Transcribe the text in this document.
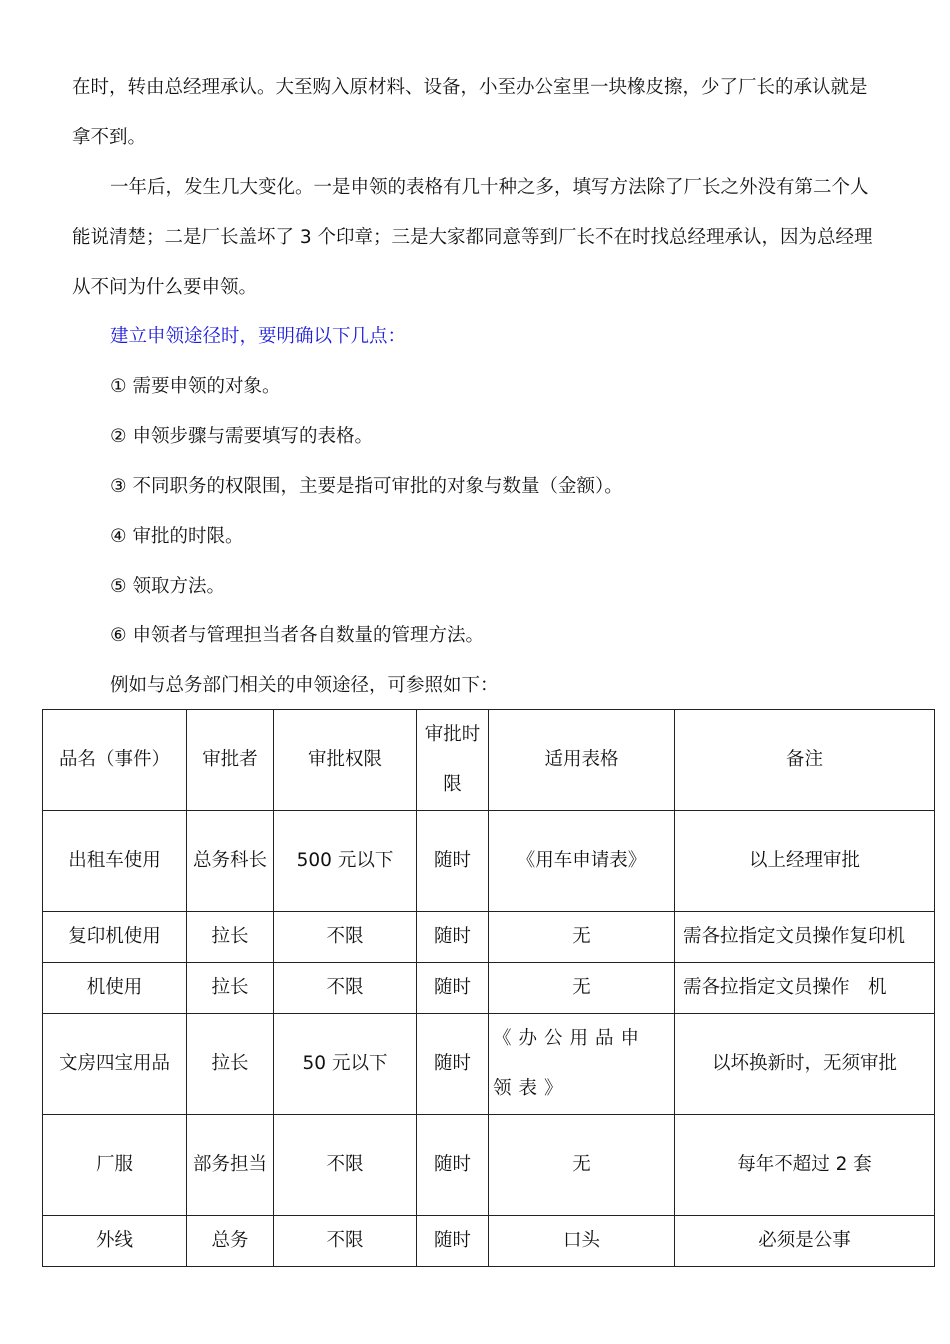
在时，转由总经理承认。大至购入原材料、设备，小至办公室里一块橡皮擦，少了厂长的承认就是
拿不到。
一年后，发生几大变化。一是申领的表格有几十种之多，填写方法除了厂长之外没有第二个人
能说清楚；二是厂长盖坏了 3 个印章；三是大家都同意等到厂长不在时找总经理承认，因为总经理
从不问为什么要申领。
建立申领途径时，要明确以下几点：
① 需要申领的对象。
② 申领步骤与需要填写的表格。
③ 不同职务的权限围，主要是指可审批的对象与数量（金额）。
④ 审批的时限。
⑤ 领取方法。
⑥ 申领者与管理担当者各自数量的管理方法。
例如与总务部门相关的申领途径，可参照如下：
品名（事件）	审批者	审批权限	审批时限	适用表格	备注
出租车使用	总务科长	500 元以下	随时	《用车申请表》	以上经理审批
复印机使用	拉长	不限	随时	无	需各拉指定文员操作复印机
机使用	拉长	不限	随时	无	需各拉指定文员操作　机
文房四宝用品	拉长	50 元以下	随时	《办公用品申领表》	以坏换新时，无须审批
厂服	部务担当	不限	随时	无	每年不超过 2 套
外线	总务	不限	随时	口头	必须是公事
